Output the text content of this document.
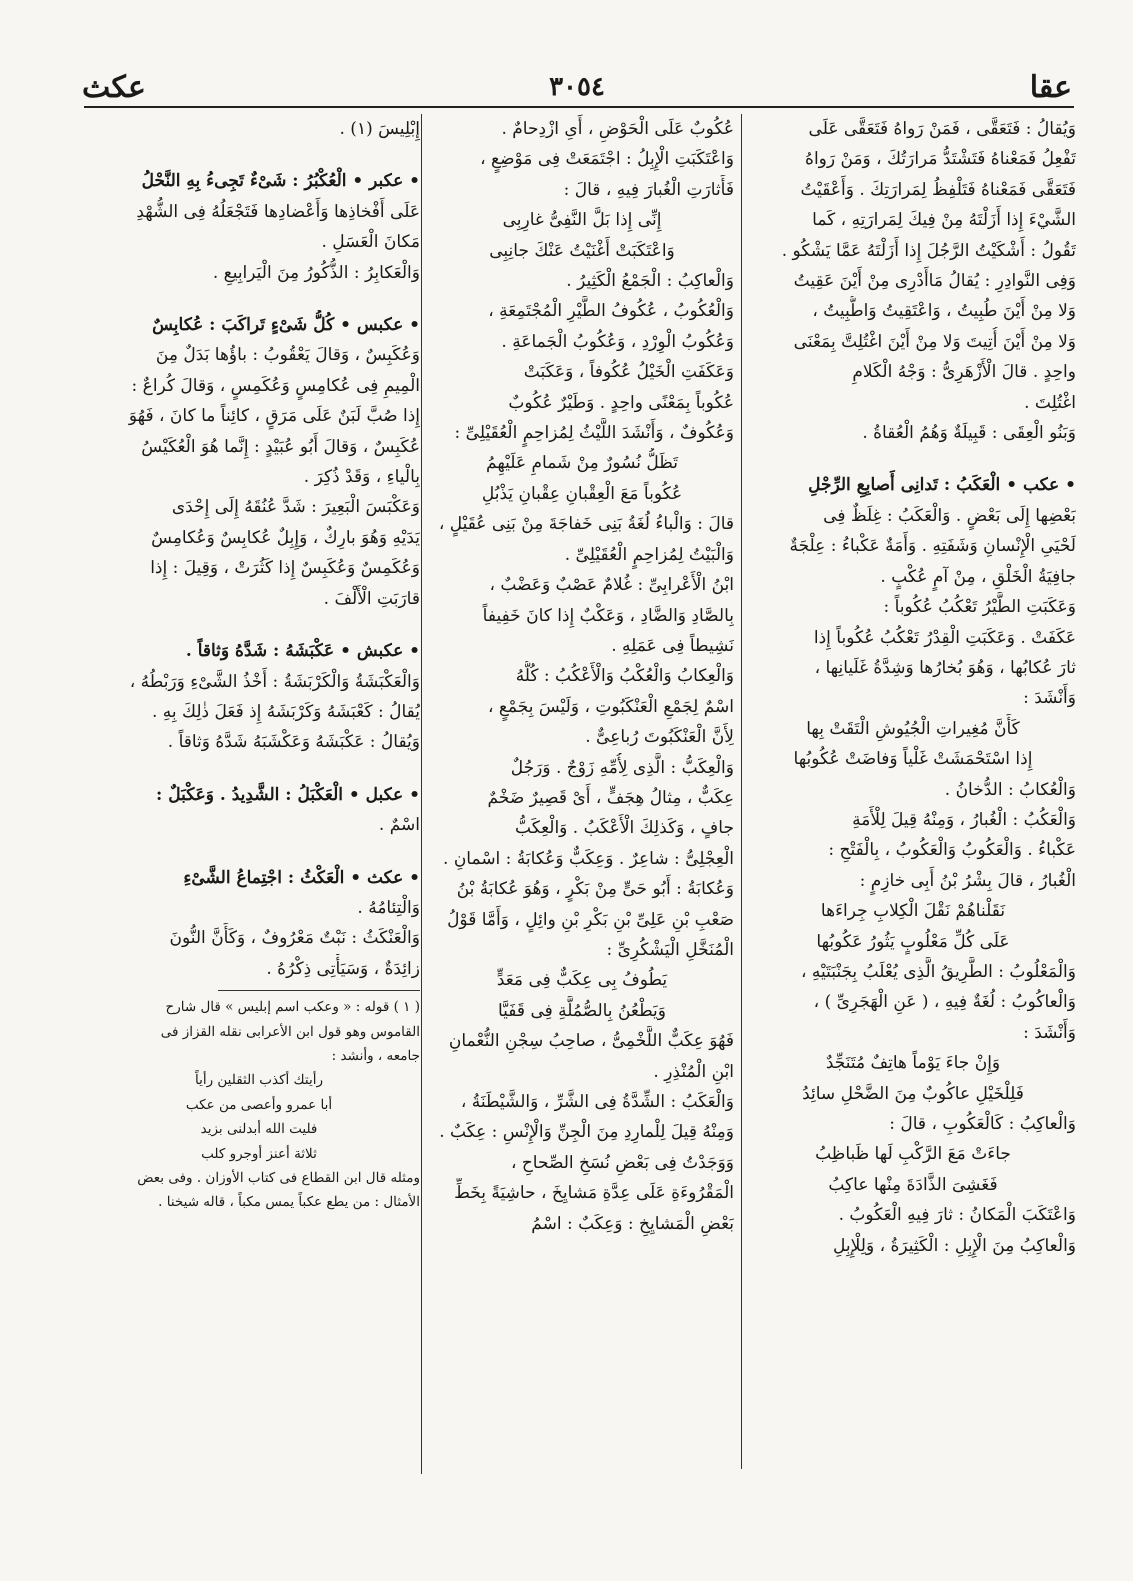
عقا
٣٠٥٤
عكث
وَيُقالُ : فَتَعَقَّى ، فَمَنْ رَواهُ فَتَعَقَّى عَلَى
تَفْعِلُ فَمَعْناهُ فَتَشْتَدُّ مَرارَتُكَ ، وَمَنْ رَواهُ
فَتَعَقَّى فَمَعْناهُ فَتَلْفِظُ لِمَرارَتِكَ . وَأَعْقَيْتُ
الشَّيْءَ إِذا أَزَلْتَهُ مِنْ فِيكَ لِمَرارَتِهِ ، كَما
تَقُولُ : أَشْكَيْتُ الرَّجُلَ إِذا أَزَلْتَهُ عَمَّا يَشْكُو .
وَفِى النَّوادِرِ : يُقالُ مَاأَدْرِى مِنْ أَيْنَ عَقِيتُ
وَلا مِنْ أَيْنَ طُبِيتُ ، وَاعْتَقِيتُ وَاطُّبِيتُ ،
وَلا مِنْ أَيْنَ أُتِيتَ وَلا مِنْ أَيْنَ اغْتُلِتَّ بِمَعْنَى
واحِدٍ . قالَ الْأَزْهَرِىُّ : وَجْهُ الْكَلامِ
اغْتُلِتَ .
وَبَنُو الْعِقَى : قَبِيلَةٌ وَهُمُ الْعُقاةُ .
• عكب • الْعَكَبُ : تَدانِى أَصابِعِ الرِّجْلِ
بَعْضِها إِلَى بَعْضٍ . وَالْعَكَبُ : غِلَظٌ فِى
لَحْيَىِ الْإِنْسانِ وَشَفَتِهِ . وَأَمَةٌ عَكْباءُ : عِلْجَةٌ
جافِيَةُ الْخَلْقِ ، مِنْ آمٍ عُكْبٍ .
وَعَكَبَتِ الطَّيْرُ تَعْكُبُ عُكُوباً :
عَكَفَتْ . وَعَكَبَتِ الْقِدْرُ تَعْكُبُ عُكُوباً إِذا
ثارَ عُكابُها ، وَهُوَ بُخارُها وَشِدَّةُ غَلَيانِها ،
وَأَنْشَدَ :
كَأَنَّ مُغِيراتِ الْجُيُوشِ الْتَقَتْ بِها
إِذا اسْتَحْمَشَتْ غَلْياً وَفاضَتْ عُكُوبُها
وَالْعُكابُ : الدُّخانُ .
وَالْعَكُبُ : الْغُبارُ ، وَمِنْهُ قِيلَ لِلْأَمَةِ
عَكْباءُ . وَالْعَكُوبُ وَالْعَكُوبُ ، بِالْفَتْحِ :
الْغُبارُ ، قالَ بِشْرُ بْنُ أَبِى خازِمٍ :
نَقَلْناهُمْ نَقْلَ الْكِلابِ جِراءَها
عَلَى كُلِّ مَعْلُوبٍ يَثُورُ عَكُوبُها
وَالْمَعْلُوبُ : الطَّرِيقُ الَّذِى يُعْلَبُ بِجَنْبَتَيْهِ ،
وَالْعاكُوبُ : لُغَةٌ فِيهِ ، ( عَنِ الْهَجَرِىِّ ) ،
وَأَنْشَدَ :
وَإِنْ جاءَ يَوْماً هاتِفٌ مُتَنَجِّدٌ
فَلِلْخَيْلِ عاكُوبٌ مِنَ الضَّحْلِ سائِدُ
وَالْعاكِبُ : كَالْعَكُوبِ ، قالَ :
جاءَتْ مَعَ الرَّكْبِ لَها ظَباظِبُ
فَغَشِىَ الذَّادَةَ مِنْها عاكِبُ
وَاعْتَكَبَ الْمَكانُ : ثارَ فِيهِ الْعَكُوبُ .
وَالْعاكِبُ مِنَ الْإِبِلِ : الْكَثِيرَةُ ، وَلِلْإِبِلِ
عُكُوبٌ عَلَى الْحَوْضِ ، أَىِ ازْدِحامٌ .
وَاعْتَكَبَتِ الْإِبِلُ : اجْتَمَعَتْ فِى مَوْضِعٍ ،
فَأَثارَتِ الْغُبارَ فِيهِ ، قالَ :
إِنِّى إِذا بَلَّ النَّفِىُّ غارِبِى
وَاعْتَكَبَتْ أَغْنَيْتُ عَنْكَ جانِبِى
وَالْعاكِبُ : الْجَمْعُ الْكَثِيرُ .
وَالْعُكُوبُ ، عُكُوفُ الطَّيْرِ الْمُجْتَمِعَةِ ،
وَعُكُوبُ الْوِرْدِ ، وَعُكُوبُ الْجَماعَةِ .
وَعَكَفَتِ الْخَيْلُ عُكُوفاً ، وَعَكَبَتْ
عُكُوباً بِمَعْنًى واحِدٍ . وَطَيْرٌ عُكُوبٌ
وَعُكُوفٌ ، وَأَنْشَدَ اللَّيْثُ لِمُزاحِمٍ الْعُقَيْلِىِّ :
تَظَلُّ نُسُورٌ مِنْ شَمامِ عَلَيْهِمُ
عُكُوباً مَعَ الْعِقْبانِ عِقْبانِ يَذْبُلِ
قالَ : وَالْباءُ لُغَةُ بَنِى خَفاجَةَ مِنْ بَنِى عُقَيْلٍ ،
وَالْبَيْتُ لِمُزاحِمٍ الْعُقَيْلِىِّ .
ابْنُ الْأَعْرابِىِّ : غُلامٌ عَصْبٌ وَعَضْبٌ ،
بِالصَّادِ وَالضَّادِ ، وَعَكْبٌ إِذا كانَ خَفِيفاً
نَشِيطاً فِى عَمَلِهِ .
وَالْعِكابُ وَالْعُكْبُ وَالْأَعْكُبُ : كُلُّهُ
اسْمٌ لِجَمْعِ الْعَنْكَبُوتِ ، وَلَيْسَ بِجَمْعٍ ،
لِأَنَّ الْعَنْكَبُوتَ رُباعِىٌّ .
وَالْعِكَبُّ : الَّذِى لِأُمِّهِ زَوْجٌ . وَرَجُلٌ
عِكَبٌّ ، مِثالُ هِجَفٍّ ، أَىْ قَصِيرٌ ضَخْمٌ
جافٍ ، وَكَذلِكَ الْأَعْكَبُ . وَالْعِكَبُّ
الْعِجْلِىُّ : شاعِرٌ . وَعِكَبٌّ وَعُكابَةُ : اسْمانِ .
وَعُكابَةُ : أَبُو حَىٍّ مِنْ بَكْرٍ ، وَهُوَ عُكابَةُ بْنُ
صَعْبِ بْنِ عَلِىِّ بْنِ بَكْرِ بْنِ وائِلٍ ، وَأَمَّا قَوْلُ
الْمُنَخَّلِ الْيَشْكُرِىِّ :
يَطُوفُ بِى عِكَبٌّ فِى مَعَدٍّ
وَيَطْعُنُ بِالصُّمُلَّةِ فِى قَفَيَّا
فَهُوَ عِكَبٌّ اللَّخْمِىُّ ، صاحِبُ سِجْنِ النُّعْمانِ
ابْنِ الْمُنْذِرِ .
وَالْعَكَبُ : الشِّدَّةُ فِى الشَّرِّ ، وَالشَّيْطَنَةُ ،
وَمِنْهُ قِيلَ لِلْمارِدِ مِنَ الْجِنِّ وَالْإِنْسِ : عِكَبٌ .
وَوَجَدْتُ فِى بَعْضِ نُسَخِ الصِّحاحِ ،
الْمَقْرُوءَةِ عَلَى عِدَّةِ مَشايِخَ ، حاشِيَةً بِخَطِّ
بَعْضِ الْمَشايِخِ : وَعِكَبٌ : اسْمُ
إِبْلِيسَ (١) .
• عكبر • الْعُكْبُرُ : شَىْءٌ تَجِىءُ بِهِ النَّحْلُ
عَلَى أَفْخاذِها وَأَعْضادِها فَتَجْعَلُهُ فِى الشُّهْدِ
مَكانَ الْعَسَلِ .
وَالْعَكابِرُ : الذُّكُورُ مِنَ الْيَرابِيعِ .
• عكبس • كُلُّ شَىْءٍ تَراكَبَ : عُكابِسٌ
وَعُكَبِسٌ ، وَقالَ يَعْقُوبُ : باؤُها بَدَلٌ مِنَ
الْمِيمِ فِى عُكامِسٍ وَعُكَمِسٍ ، وَقالَ كُراعٌ :
إِذا صُبَّ لَبَنٌ عَلَى مَرَقٍ ، كائِناً ما كانَ ، فَهُوَ
عُكَبِسٌ ، وَقالَ أَبُو عُبَيْدٍ : إِنَّما هُوَ الْعُكَيْسُ
بِالْياءِ ، وَقَدْ ذُكِرَ .
وَعَكْبَسَ الْبَعِيرَ : شَدَّ عُنُقَهُ إِلَى إِحْدَى
يَدَيْهِ وَهُوَ بارِكٌ ، وَإِبِلٌ عُكابِسٌ وَعُكامِسٌ
وَعُكَمِسٌ وَعُكَبِسٌ إِذا كَثُرَتْ ، وَقِيلَ : إِذا
قارَبَتِ الْأَلْفَ .
• عكبش • عَكْبَشَهُ : شَدَّهُ وَثاقاً .
وَالْعَكْبَشَةُ وَالْكَرْبَشَةُ : أَخْذُ الشَّىْءِ وَرَبْطُهُ ،
يُقالُ : كَعْبَشَهُ وَكَرْبَشَهُ إِذ فَعَلَ ذٰلِكَ بِهِ .
وَيُقالُ : عَكْبَشَهُ وَعَكْشَبَهُ شَدَّهُ وَثاقاً .
• عكبل • الْعَكْبَلُ : الشَّدِيدُ . وَعَكْبَلٌ :
اسْمٌ .
• عكث • الْعَكْثُ : اجْتِماعُ الشَّىْءِ
وَالْتِئامُهُ .
وَالْعَنْكَثُ : نَبْتٌ مَعْرُوفٌ ، وَكَأَنَّ النُّونَ
زائِدَةٌ ، وَسَيَأْتِى ذِكْرُهُ .
( ١ ) قوله : « وعكب اسم إبليس » قال شارح
القاموس وهو قول ابن الأعرابى نقله القزاز فى
جامعه ، وأنشد :
رأيتك أكذب الثقلين رأياً
أبا عمرو وأعصى من عكب
فليت الله أبدلنى بزيد
ثلاثة أعنز أوجرو كلب
ومثله قال ابن القطاع فى كتاب الأوزان . وفى بعض
الأمثال : من يطع عكباً يمس مكباً ، قاله شيخنا .
